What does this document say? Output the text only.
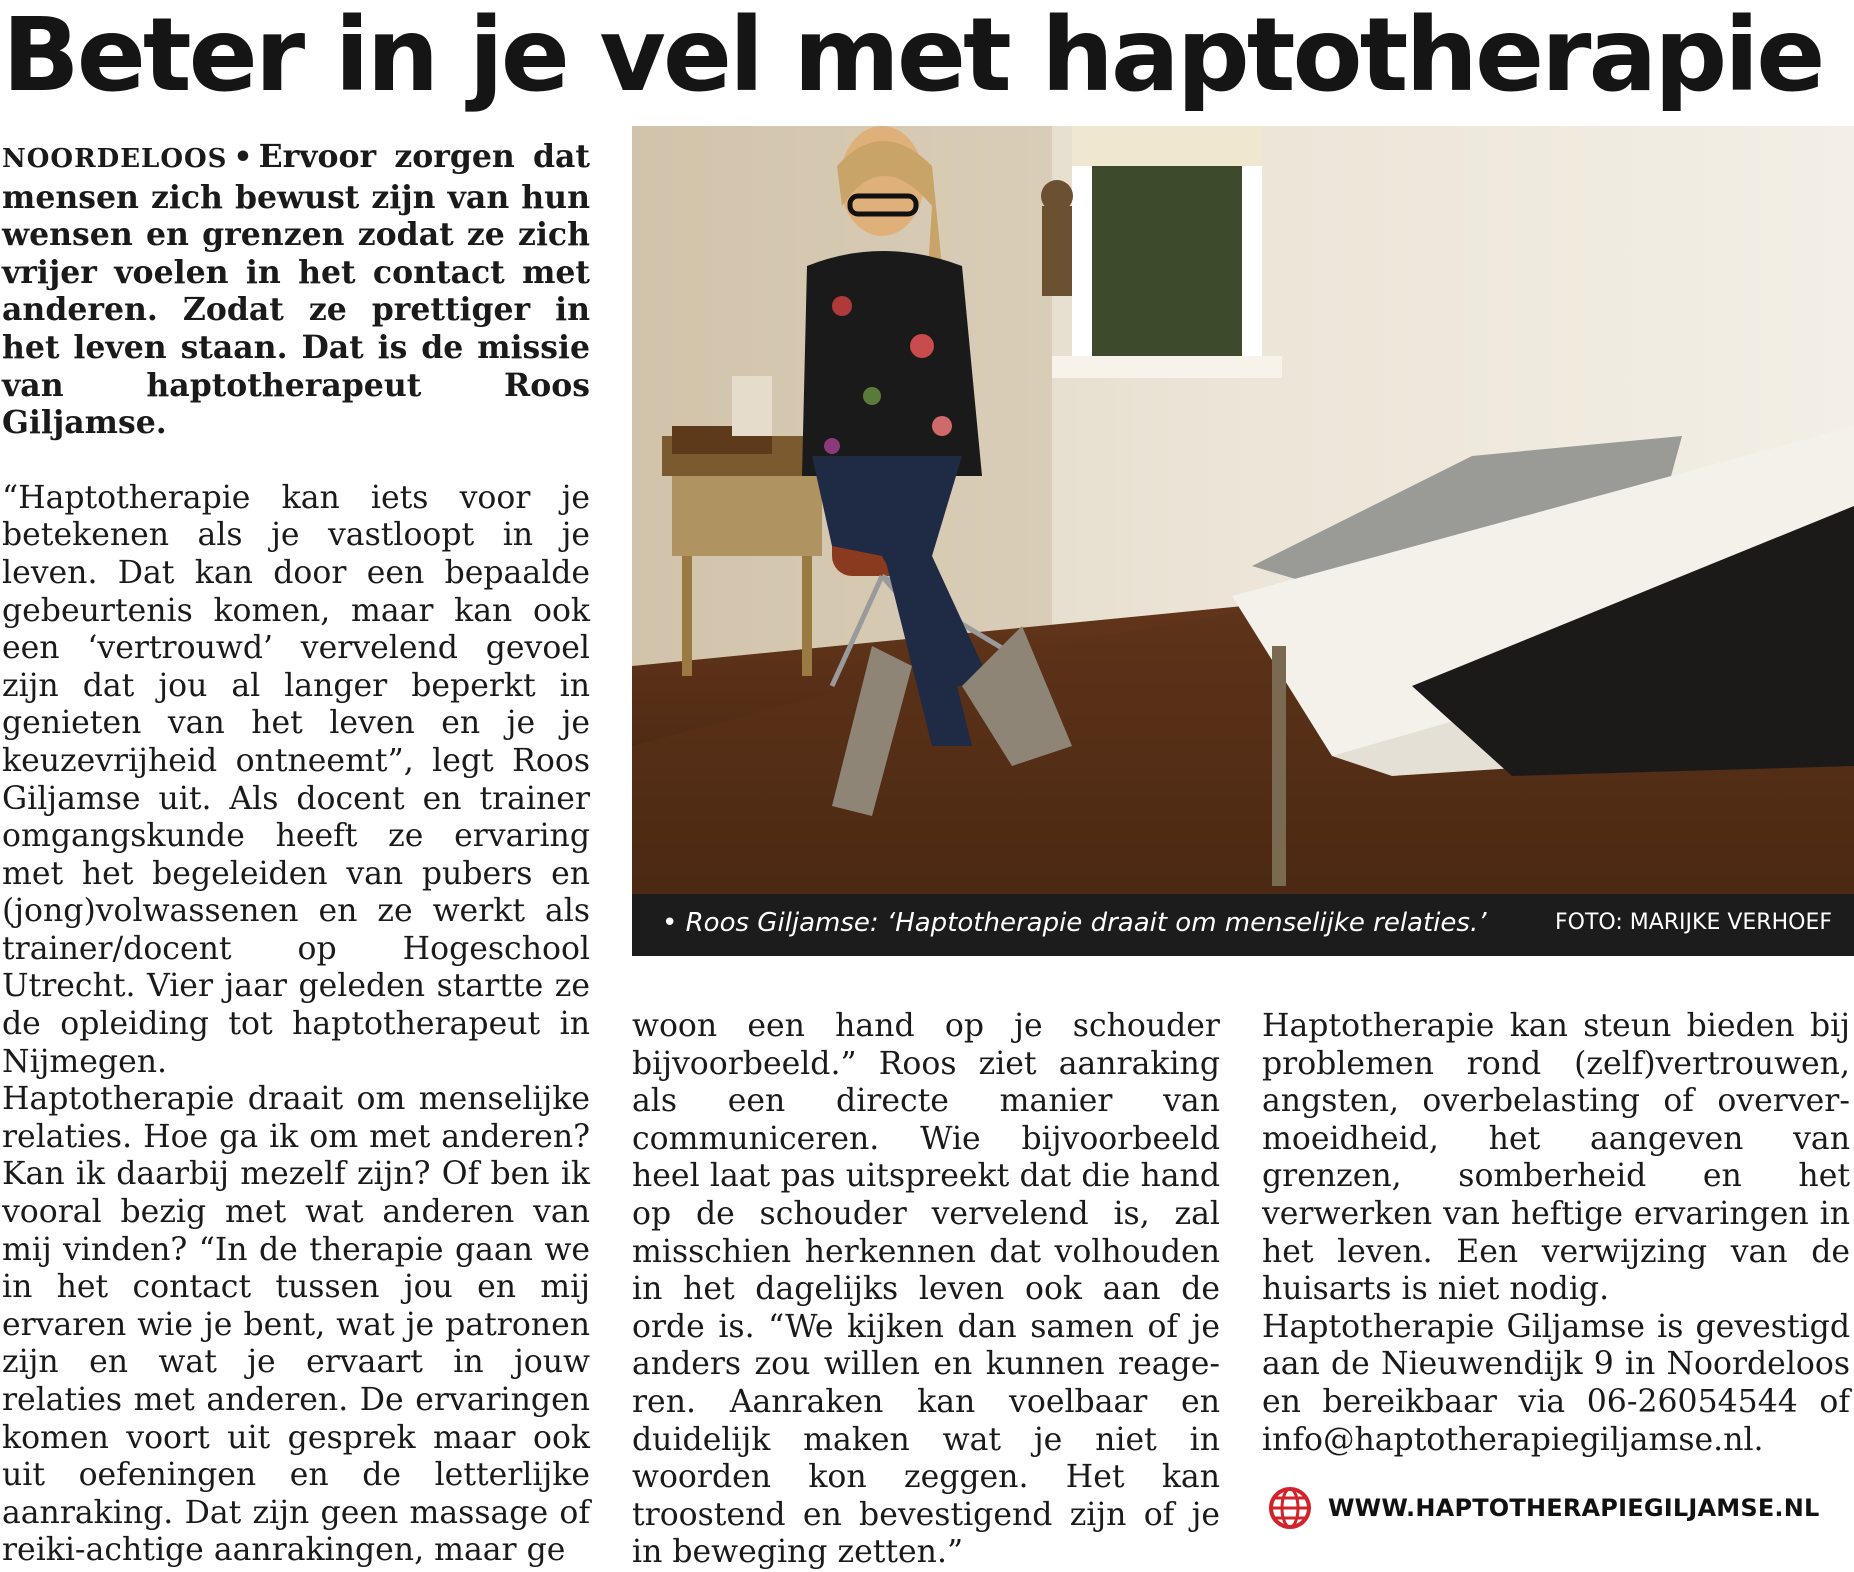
Beter in je vel met haptotherapie

NOORDELOOS • Ervoor zorgen dat mensen zich bewust zijn van hun wensen en grenzen zodat ze zich vrijer voelen in het contact met anderen. Zodat ze prettiger in het leven staan. Dat is de missie van haptotherapeut Roos Giljamse.

“Haptotherapie kan iets voor je betekenen als je vastloopt in je leven. Dat kan door een bepaalde gebeurtenis komen, maar kan ook een ‘vertrouwd’ vervelend gevoel zijn dat jou al langer beperkt in genieten van het leven en je je keuzevrijheid ontneemt”, legt Roos Giljamse uit. Als docent en trainer omgangskunde heeft ze ervaring met het begeleiden van pubers en (jong)volwassenen en ze werkt als trainer/docent op Hogeschool Utrecht. Vier jaar geleden startte ze de opleiding tot haptotherapeut in Nijmegen.

Haptotherapie draait om menselijke relaties. Hoe ga ik om met anderen? Kan ik daarbij mezelf zijn? Of ben ik vooral bezig met wat anderen van mij vinden? “In de therapie gaan we in het contact tussen jou en mij ervaren wie je bent, wat je patronen zijn en wat je ervaart in jouw relaties met anderen. De ervaringen komen voort uit gesprek maar ook uit oefeningen en de letterlijke aanraking. Dat zijn geen massage of reiki-achtige aanrakingen, maar ge

• Roos Giljamse: ‘Haptotherapie draait om menselijke relaties.’	FOTO: MARIJKE VERHOEF

woon een hand op je schouder bijvoorbeeld.” Roos ziet aanraking als een directe manier van communiceren. Wie bijvoorbeeld heel laat pas uitspreekt dat die hand op de schouder vervelend is, zal misschien herkennen dat volhouden in het dagelijks leven ook aan de orde is. “We kijken dan samen of je anders zou willen en kunnen reageren. Aanraken kan voelbaar en duidelijk maken wat je niet in woorden kon zeggen. Het kan troostend en bevestigend zijn of je in beweging zetten.”

Haptotherapie kan steun bieden bij problemen rond (zelf)vertrouwen, angsten, overbelasting of oververmoeidheid, het aangeven van grenzen, somberheid en het verwerken van heftige ervaringen in het leven. Een verwijzing van de huisarts is niet nodig.

Haptotherapie Giljamse is gevestigd aan de Nieuwendijk 9 in Noordeloos en bereikbaar via 06-26054544 of info@haptotherapiegiljamse.nl.

WWW.HAPTOTHERAPIEGILJAMSE.NL
